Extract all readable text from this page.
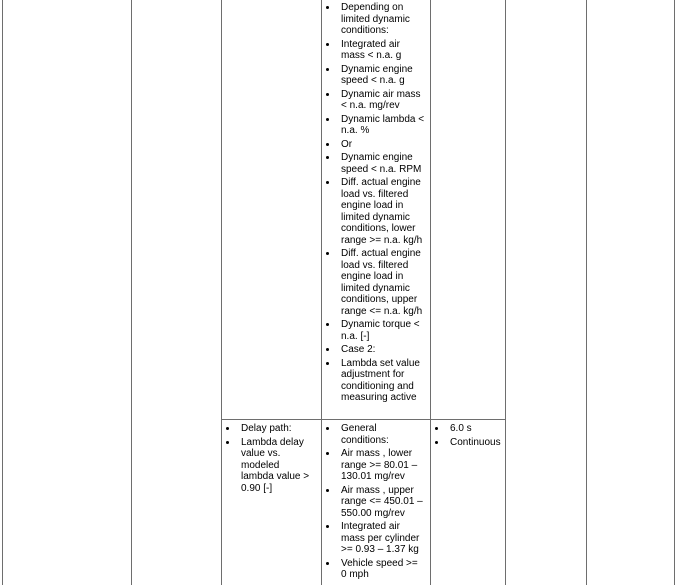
Depending on
limited dynamic
conditions:
Integrated air
mass < n.a. g
Dynamic engine
speed < n.a. g
Dynamic air mass
< n.a. mg/rev
Dynamic lambda <
n.a. %
Or
Dynamic engine
speed < n.a. RPM
Diff. actual engine
load vs. filtered
engine load in
limited dynamic
conditions, lower
range >= n.a. kg/h
Diff. actual engine
load vs. filtered
engine load in
limited dynamic
conditions, upper
range <= n.a. kg/h
Dynamic torque <
n.a. [-]
Case 2:
Lambda set value
adjustment for
conditioning and
measuring active
Delay path:
Lambda delay
value vs.
modeled
lambda value >
0.90 [-]
General
conditions:
Air mass , lower
range >= 80.01 –
130.01 mg/rev
Air mass , upper
range <= 450.01 –
550.00 mg/rev
Integrated air
mass per cylinder
>= 0.93 – 1.37 kg
Vehicle speed >=
0 mph
6.0 s
Continuous
